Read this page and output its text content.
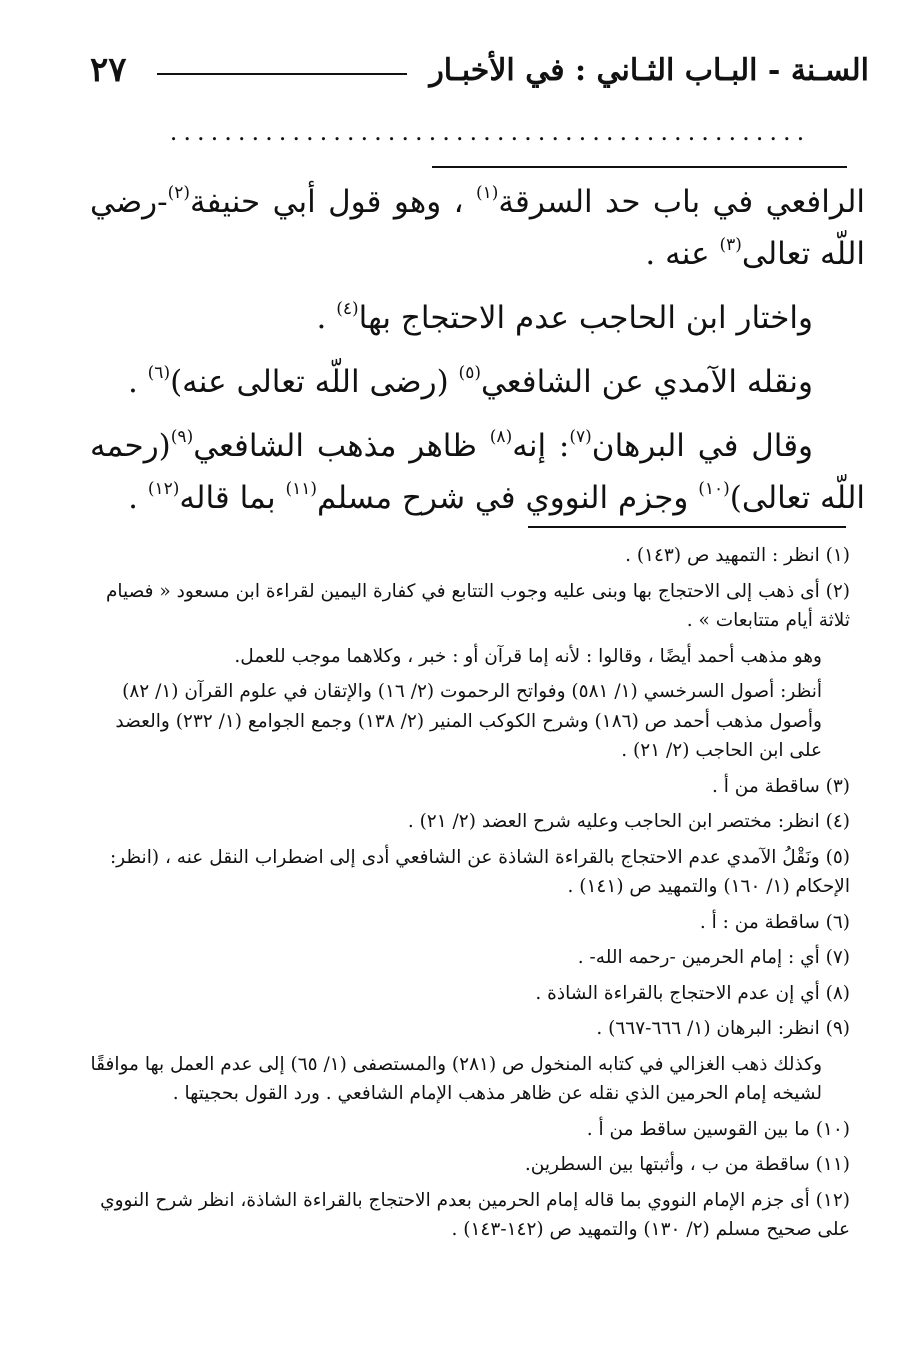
السـنة - البـاب الثـاني : في الأخبـار
٢٧
...............................................

الرافعي في باب حد السرقة$^{(١)}$ ، وهو قول أبي حنيفة$^{(٢)}$-رضي اللّه تعالى$^{(٣)}$ عنه .

واختار ابن الحاجب عدم الاحتجاج بها$^{(٤)}$ .

ونقله الآمدي عن الشافعي$^{(٥)}$ (رضى اللّه تعالى عنه)$^{(٦)}$ .

وقال في البرهان$^{(٧)}$: إنه$^{(٨)}$ ظاهر مذهب الشافعي$^{(٩)}$(رحمه اللّه تعالى)$^{(١٠)}$ وجزم النووي في شرح مسلم$^{(١١)}$ بما قاله$^{(١٢)}$ .

(١) انظر : التمهيد ص (١٤٣) .

(٢) أى ذهب إلى الاحتجاج بها وبنى عليه وجوب التتابع في كفارة اليمين لقراءة ابن مسعود « فصيام ثلاثة أيام متتابعات » .

وهو مذهب أحمد أيضًا ، وقالوا : لأنه إما قرآن أو : خبر ، وكلاهما موجب للعمل.

أنظر: أصول السرخسي (١/ ٥٨١) وفواتح الرحموت (٢/ ١٦) والإتقان في علوم القرآن (١/ ٨٢) وأصول مذهب أحمد ص (١٨٦) وشرح الكوكب المنير (٢/ ١٣٨) وجمع الجوامع (١/ ٢٣٢) والعضد على ابن الحاجب (٢/ ٢١) .

(٣) ساقطة من أ .

(٤) انظر: مختصر ابن الحاجب وعليه شرح العضد (٢/ ٢١) .

(٥) ونَقْلُ الآمدي عدم الاحتجاج بالقراءة الشاذة عن الشافعي أدى إلى اضطراب النقل عنه ، (انظر: الإحكام (١/ ١٦٠) والتمهيد ص (١٤١) .

(٦) ساقطة من : أ .

(٧) أي : إمام الحرمين -رحمه الله- .

(٨) أي إن عدم الاحتجاج بالقراءة الشاذة .

(٩) انظر: البرهان (١/ ٦٦٦-٦٦٧) .

وكذلك ذهب الغزالي في كتابه المنخول ص (٢٨١) والمستصفى (١/ ٦٥) إلى عدم العمل بها موافقًا لشيخه إمام الحرمين الذي نقله عن ظاهر مذهب الإمام الشافعي . ورد القول بحجيتها .

(١٠) ما بين القوسين ساقط من أ .

(١١) ساقطة من ب ، وأثبتها بين السطرين.

(١٢) أى جزم الإمام النووي بما قاله إمام الحرمين بعدم الاحتجاج بالقراءة الشاذة، انظر شرح النووي على صحيح مسلم (٢/ ١٣٠) والتمهيد ص (١٤٢-١٤٣) .
